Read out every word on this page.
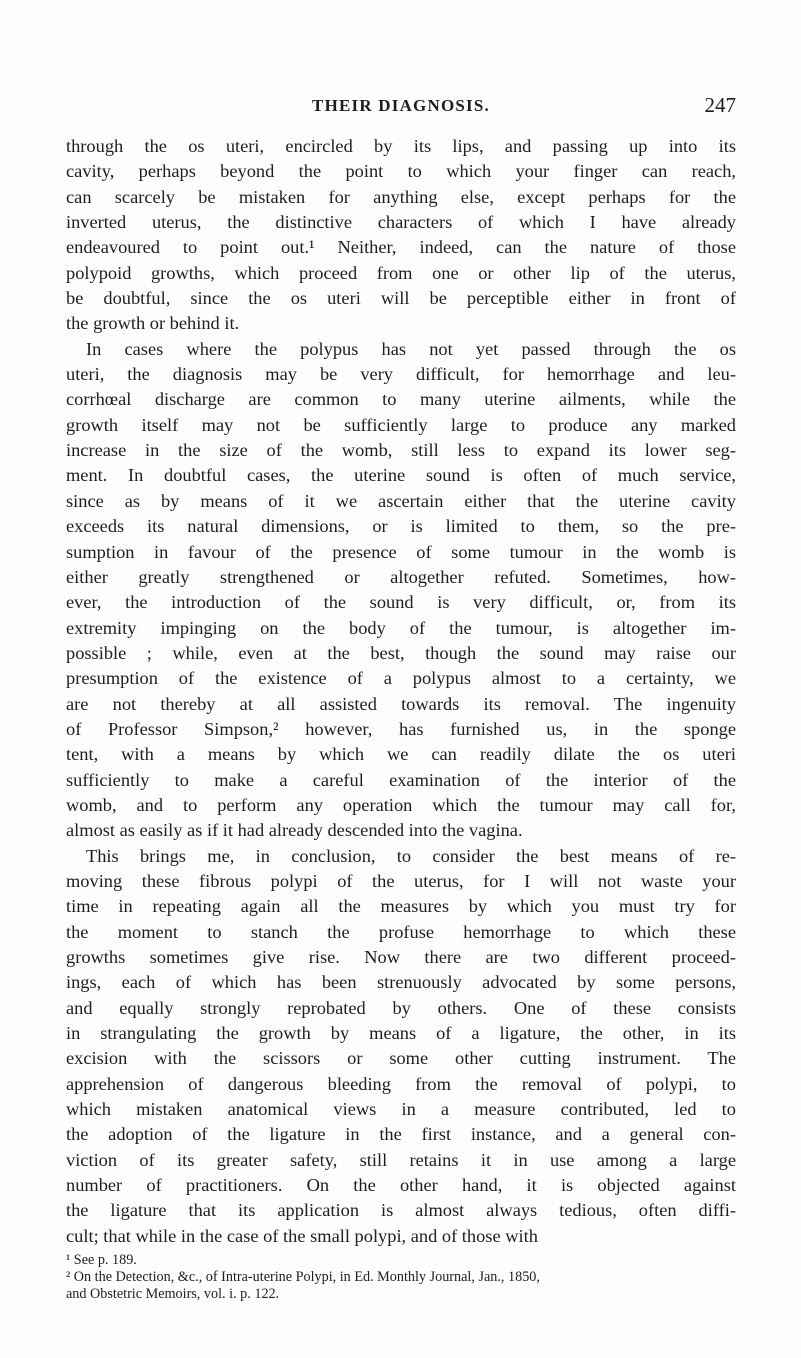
THEIR DIAGNOSIS.	247
through the os uteri, encircled by its lips, and passing up into its
cavity, perhaps beyond the point to which your finger can reach,
can scarcely be mistaken for anything else, except perhaps for the
inverted uterus, the distinctive characters of which I have already
endeavoured to point out.¹ Neither, indeed, can the nature of those
polypoid growths, which proceed from one or other lip of the uterus,
be doubtful, since the os uteri will be perceptible either in front of
the growth or behind it.
In cases where the polypus has not yet passed through the os
uteri, the diagnosis may be very difficult, for hemorrhage and leu-
corrhœal discharge are common to many uterine ailments, while the
growth itself may not be sufficiently large to produce any marked
increase in the size of the womb, still less to expand its lower seg-
ment. In doubtful cases, the uterine sound is often of much service,
since as by means of it we ascertain either that the uterine cavity
exceeds its natural dimensions, or is limited to them, so the pre-
sumption in favour of the presence of some tumour in the womb is
either greatly strengthened or altogether refuted. Sometimes, how-
ever, the introduction of the sound is very difficult, or, from its
extremity impinging on the body of the tumour, is altogether im-
possible ; while, even at the best, though the sound may raise our
presumption of the existence of a polypus almost to a certainty, we
are not thereby at all assisted towards its removal. The ingenuity
of Professor Simpson,² however, has furnished us, in the sponge
tent, with a means by which we can readily dilate the os uteri
sufficiently to make a careful examination of the interior of the
womb, and to perform any operation which the tumour may call for,
almost as easily as if it had already descended into the vagina.
This brings me, in conclusion, to consider the best means of re-
moving these fibrous polypi of the uterus, for I will not waste your
time in repeating again all the measures by which you must try for
the moment to stanch the profuse hemorrhage to which these
growths sometimes give rise. Now there are two different proceed-
ings, each of which has been strenuously advocated by some persons,
and equally strongly reprobated by others. One of these consists
in strangulating the growth by means of a ligature, the other, in its
excision with the scissors or some other cutting instrument. The
apprehension of dangerous bleeding from the removal of polypi, to
which mistaken anatomical views in a measure contributed, led to
the adoption of the ligature in the first instance, and a general con-
viction of its greater safety, still retains it in use among a large
number of practitioners. On the other hand, it is objected against
the ligature that its application is almost always tedious, often diffi-
cult; that while in the case of the small polypi, and of those with
¹ See p. 189.
² On the Detection, &c., of Intra-uterine Polypi, in Ed. Monthly Journal, Jan., 1850,
and Obstetric Memoirs, vol. i. p. 122.
